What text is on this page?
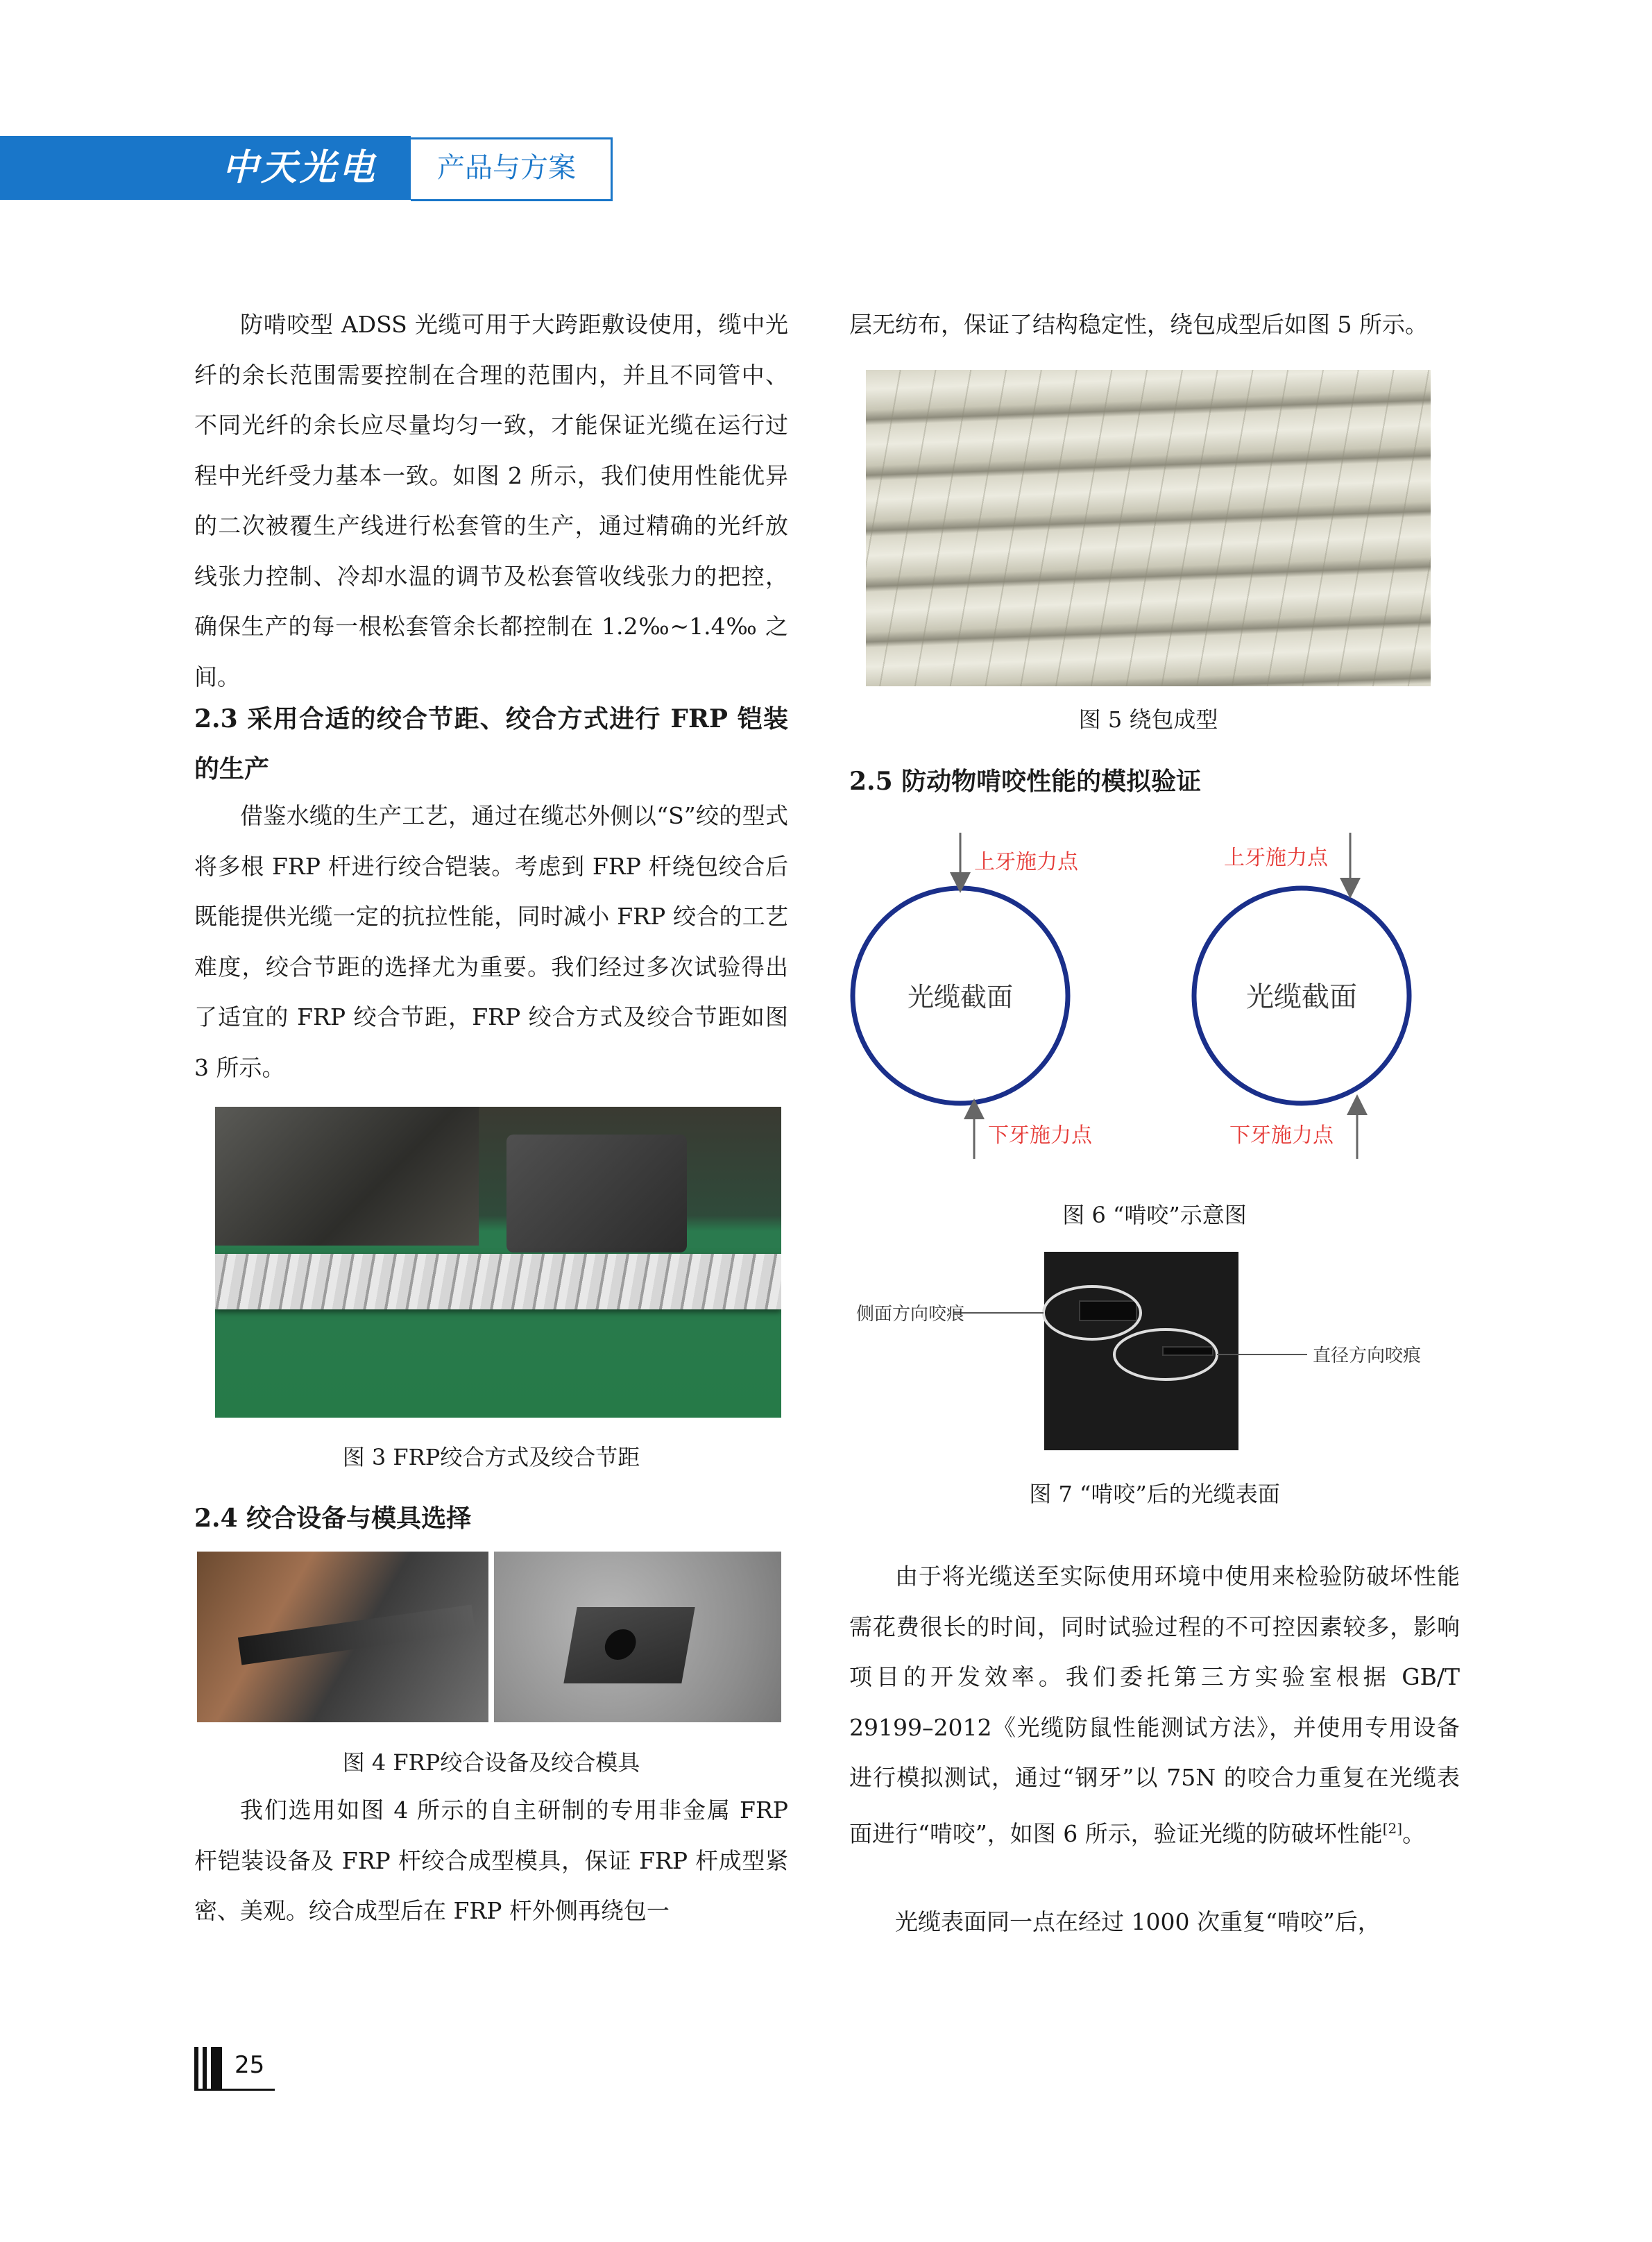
中天光电 产品与方案

防啃咬型 ADSS 光缆可用于大跨距敷设使用，缆中光纤的余长范围需要控制在合理的范围内，并且不同管中、不同光纤的余长应尽量均匀一致，才能保证光缆在运行过程中光纤受力基本一致。如图 2 所示，我们使用性能优异的二次被覆生产线进行松套管的生产，通过精确的光纤放线张力控制、冷却水温的调节及松套管收线张力的把控，确保生产的每一根松套管余长都控制在 1.2‰~1.4‰ 之间。

2.3 采用合适的绞合节距、绞合方式进行 FRP 铠装的生产

借鉴水缆的生产工艺，通过在缆芯外侧以“S”绞的型式将多根 FRP 杆进行绞合铠装。考虑到 FRP 杆绕包绞合后既能提供光缆一定的抗拉性能，同时减小 FRP 绞合的工艺难度，绞合节距的选择尤为重要。我们经过多次试验得出了适宜的 FRP 绞合节距，FRP 绞合方式及绞合节距如图 3 所示。

图 3 FRP绞合方式及绞合节距

2.4 绞合设备与模具选择

图 4 FRP绞合设备及绞合模具

我们选用如图 4 所示的自主研制的专用非金属 FRP 杆铠装设备及 FRP 杆绞合成型模具，保证 FRP 杆成型紧密、美观。绞合成型后在 FRP 杆外侧再绕包一

层无纺布，保证了结构稳定性，绕包成型后如图 5 所示。

图 5 绕包成型

2.5 防动物啃咬性能的模拟验证

光缆截面
上牙施力点
下牙施力点
光缆截面
上牙施力点
下牙施力点

图 6 “啃咬”示意图

侧面方向咬痕
直径方向咬痕

图 7 “啃咬”后的光缆表面

由于将光缆送至实际使用环境中使用来检验防破坏性能需花费很长的时间，同时试验过程的不可控因素较多，影响项目的开发效率。我们委托第三方实验室根据 GB/T 29199–2012《光缆防鼠性能测试方法》，并使用专用设备进行模拟测试，通过“钢牙”以 75N 的咬合力重复在光缆表面进行“啃咬”，如图 6 所示，验证光缆的防破坏性能[2]。

光缆表面同一点在经过 1000 次重复“啃咬”后，

25
